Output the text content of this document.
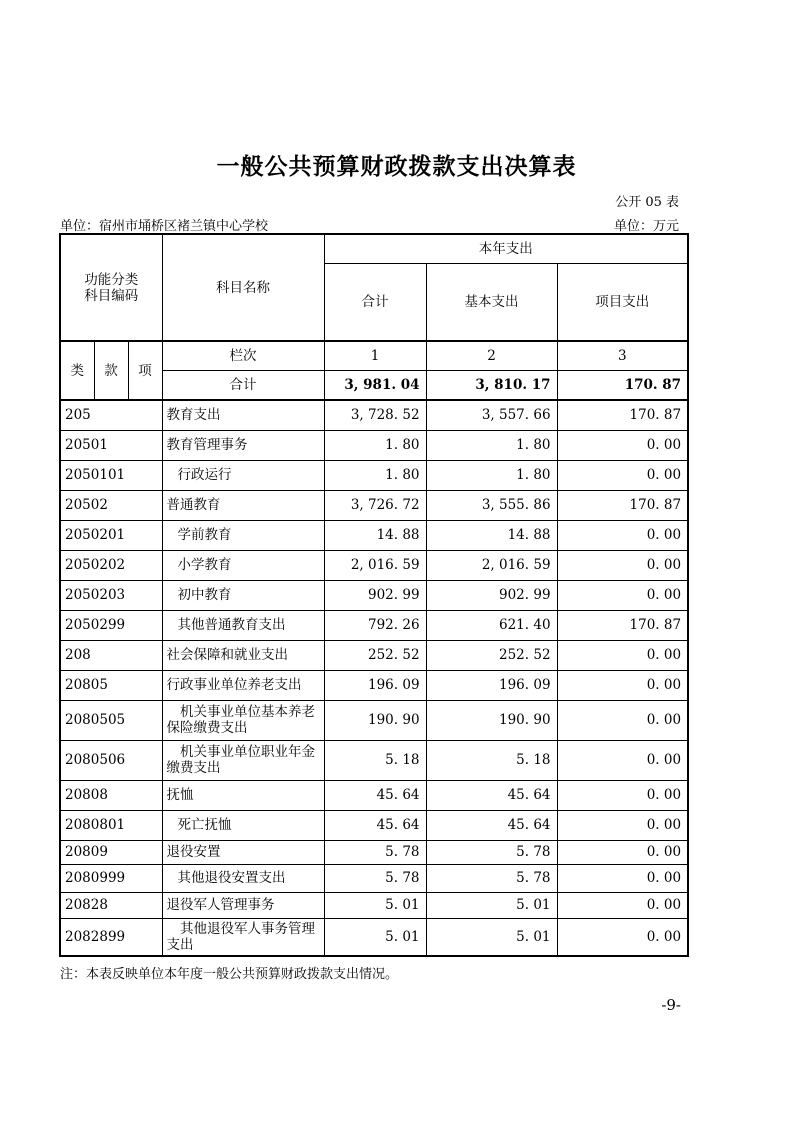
一般公共预算财政拨款支出决算表
公开 05 表
单位：宿州市埇桥区褚兰镇中心学校	单位：万元
功能分类
科目编码			科目名称	本年支出		
				合计	基本支出	项目支出
类	款	项	栏次	1	2	3
			合计	3, 981. 04	3, 810. 17	170. 87
205			教育支出	3, 728. 52	3, 557. 66	170. 87
20501			教育管理事务	1. 80	1. 80	0. 00
2050101			行政运行	1. 80	1. 80	0. 00
20502			普通教育	3, 726. 72	3, 555. 86	170. 87
2050201			学前教育	14. 88	14. 88	0. 00
2050202			小学教育	2, 016. 59	2, 016. 59	0. 00
2050203			初中教育	902. 99	902. 99	0. 00
2050299			其他普通教育支出	792. 26	621. 40	170. 87
208			社会保障和就业支出	252. 52	252. 52	0. 00
20805			行政事业单位养老支出	196. 09	196. 09	0. 00
2080505			机关事业单位基本养老保险缴费支出	190. 90	190. 90	0. 00
2080506			机关事业单位职业年金缴费支出	5. 18	5. 18	0. 00
20808			抚恤	45. 64	45. 64	0. 00
2080801			死亡抚恤	45. 64	45. 64	0. 00
20809			退役安置	5. 78	5. 78	0. 00
2080999			其他退役安置支出	5. 78	5. 78	0. 00
20828			退役军人管理事务	5. 01	5. 01	0. 00
2082899			其他退役军人事务管理支出	5. 01	5. 01	0. 00
注：本表反映单位本年度一般公共预算财政拨款支出情况。
-9-
